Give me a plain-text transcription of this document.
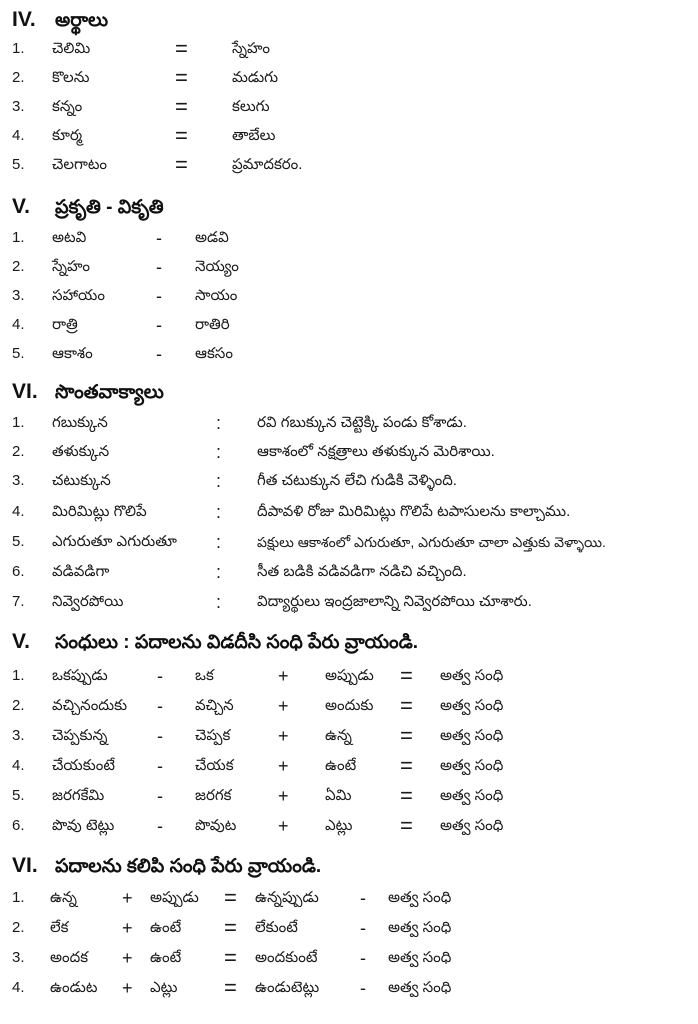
IV. అర్థాలు
1. చెలిమి	=	స్నేహం
2. కొలను	=	మడుగు
3. కన్నం	=	కలుగు
4. కూర్మ	=	తాబేలు
5. చెలగాటం	=	ప్రమాదకరం.
V. ప్రకృతి - వికృతి
1. అటవి	- అడవి
2. స్నేహం	- నెయ్యం
3. సహాయం	- సాయం
4. రాత్రి	- రాతిరి
5. ఆకాశం	- ఆకసం
VI. సొంతవాక్యాలు
1. గబుక్కున	: రవి గబుక్కున చెట్టెక్కి పండు కోశాడు.
2. తళుక్కున	: ఆకాశంలో నక్షత్రాలు తళుక్కున మెరిశాయి.
3. చటుక్కున	: గీత చటుక్కున లేచి గుడికి వెళ్ళింది.
4. మిరిమిట్లు గొలిపే	: దీపావళి రోజు మిరిమిట్లు గొలిపే టపాసులను కాల్చాము.
5. ఎగురుతూ ఎగురుతూ :	పక్షులు ఆకాశంలో ఎగురుతూ, ఎగురుతూ చాలా ఎత్తుకు వెళ్ళాయి.
6. వడివడిగా	: సీత బడికి వడివడిగా నడిచి వచ్చింది.
7. నివ్వెరపోయి	: విద్యార్థులు ఇంద్రజాలాన్ని నివ్వెరపోయి చూశారు.
V. సంధులు : పదాలను విడదీసి సంధి పేరు వ్రాయండి.
1. ఒకప్పుడు	- ఒక	+ అప్పుడు = అత్వ సంధి
2. వచ్చినందుకు - వచ్చిన + అందుకు = అత్వ సంధి
3. చెప్పకున్న	- చెప్పక	+ ఉన్న = అత్వ సంధి
4. చేయకుంటే - చేయక + ఉంటే = అత్వ సంధి
5. జరగకేమి	- జరగక	+ ఏమి = అత్వ సంధి
6. పొవు టెట్లు - పొవుట + ఎట్లు = అత్వ సంధి
VI. పదాలను కలిపి సంధి పేరు వ్రాయండి.
1. ఉన్న	+ అప్పుడు = ఉన్నప్పుడు - అత్వ సంధి
2. లేక	+ ఉంటే = లేకుంటే	- అత్వ సంధి
3. అందక + ఉంటే = అందకుంటే - అత్వ సంధి
4. ఉండుట + ఎట్లు = ఉండుటెట్లు - అత్వ సంధి
